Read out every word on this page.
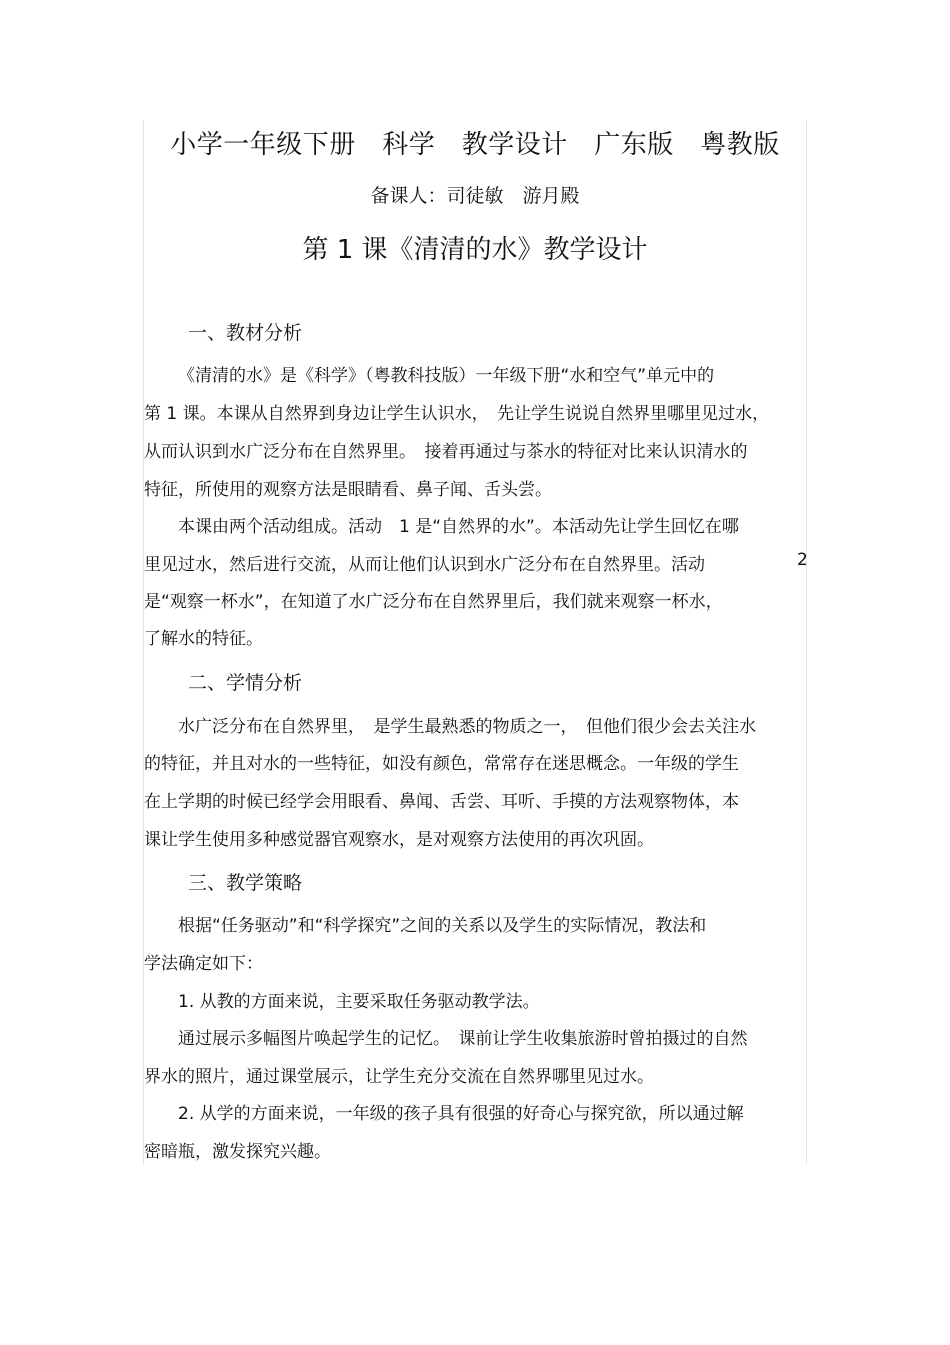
小学一年级下册　科学　教学设计　广东版　粤教版
备课人：司徒敏　游月殿
第 1 课《清清的水》教学设计
一、教材分析
《清清的水》是《科学》（粤教科技版）一年级下册“水和空气”单元中的
第 1 课。本课从自然界到身边让学生认识水，　先让学生说说自然界里哪里见过水，
从而认识到水广泛分布在自然界里。　接着再通过与茶水的特征对比来认识清水的
特征，所使用的观察方法是眼睛看、鼻子闻、舌头尝。
本课由两个活动组成。活动　1 是“自然界的水”。本活动先让学生回忆在哪
里见过水，然后进行交流，从而让他们认识到水广泛分布在自然界里。活动	2
是“观察一杯水”，在知道了水广泛分布在自然界里后，我们就来观察一杯水，
了解水的特征。
二、学情分析
水广泛分布在自然界里，　是学生最熟悉的物质之一，　但他们很少会去关注水
的特征，并且对水的一些特征，如没有颜色，常常存在迷思概念。一年级的学生
在上学期的时候已经学会用眼看、鼻闻、舌尝、耳听、手摸的方法观察物体，本
课让学生使用多种感觉器官观察水，是对观察方法使用的再次巩固。
三、教学策略
根据“任务驱动”和“科学探究”之间的关系以及学生的实际情况，教法和
学法确定如下：
1. 从教的方面来说，主要采取任务驱动教学法。
通过展示多幅图片唤起学生的记忆。　课前让学生收集旅游时曾拍摄过的自然
界水的照片，通过课堂展示，让学生充分交流在自然界哪里见过水。
2. 从学的方面来说，一年级的孩子具有很强的好奇心与探究欲，所以通过解
密暗瓶，激发探究兴趣。
